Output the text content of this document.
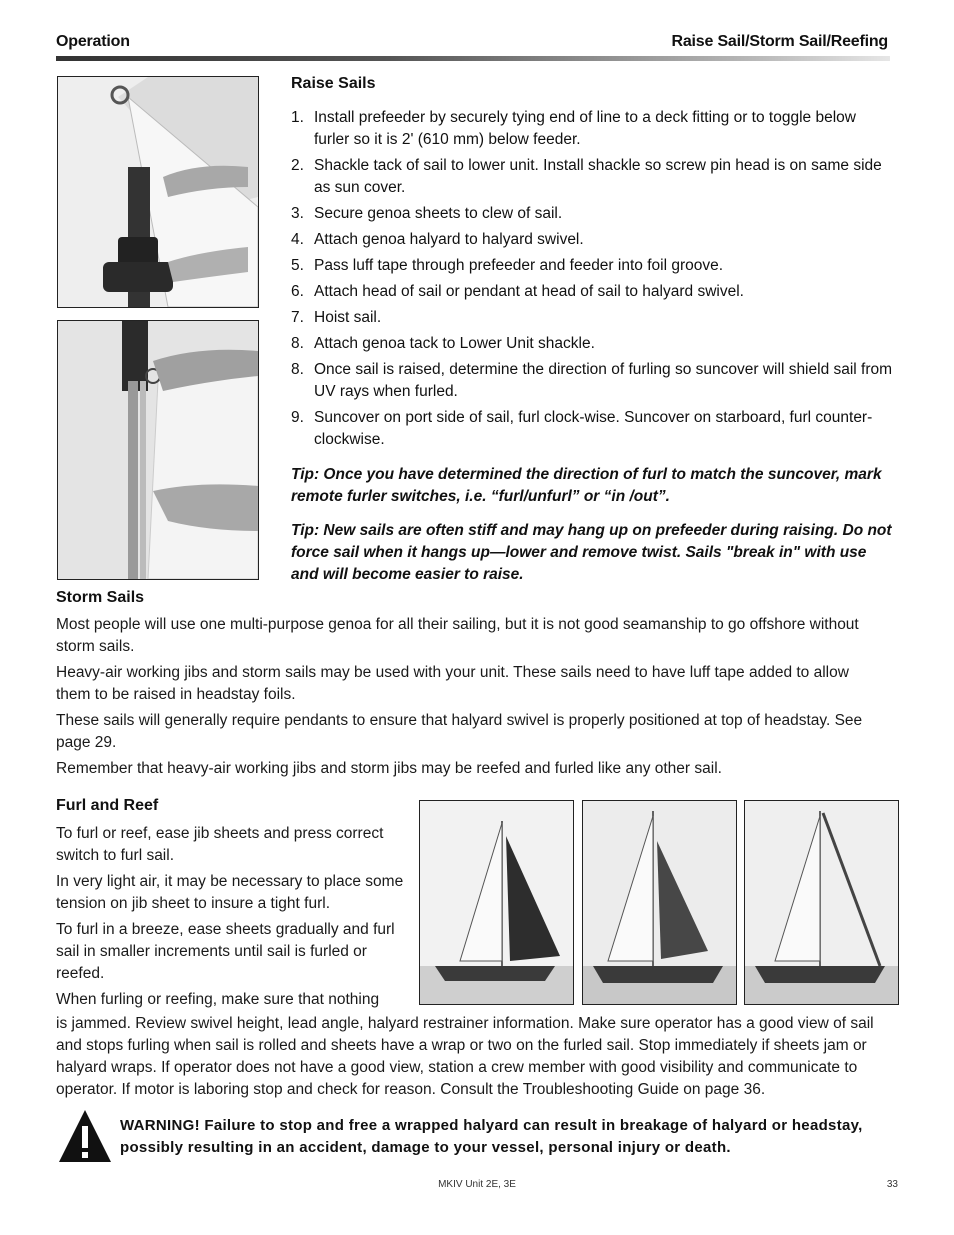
Operation	Raise Sail/Storm Sail/Reefing
Raise Sails
1. Install prefeeder by securely tying end of line to a deck fitting or to toggle below furler so it is 2' (610 mm) below feeder.
2. Shackle tack of sail to lower unit. Install shackle so screw pin head is on same side as sun cover.
3. Secure genoa sheets to clew of sail.
4. Attach genoa halyard to halyard swivel.
5. Pass luff tape through prefeeder and feeder into foil groove.
6. Attach head of sail or pendant at head of sail to halyard swivel.
7. Hoist sail.
8. Attach genoa tack to Lower Unit shackle.
8. Once sail is raised, determine the direction of furling so suncover will shield sail from UV rays when furled.
9. Suncover on port side of sail, furl clock-wise. Suncover on starboard, furl counter-clockwise.

Tip: Once you have determined the direction of furl to match the suncover, mark remote furler switches, i.e. “furl/unfurl” or “in /out”.

Tip: New sails are often stiff and may hang up on prefeeder during raising. Do not force sail when it hangs up—lower and remove twist. Sails "break in" with use and will become easier to raise.

Storm Sails

Most people will use one multi-purpose genoa for all their sailing, but it is not good seamanship to go offshore without storm sails.

Heavy-air working jibs and storm sails may be used with your unit. These sails need to have luff tape added to allow them to be raised in headstay foils.

These sails will generally require pendants to ensure that halyard swivel is properly positioned at top of headstay. See page 29.

Remember that heavy-air working jibs and storm jibs may be reefed and furled like any other sail.

Furl and Reef

To furl or reef, ease jib sheets and press correct switch to furl sail.

In very light air, it may be necessary to place some tension on jib sheet to insure a tight furl.

To furl in a breeze, ease sheets gradually and furl sail in smaller increments until sail is furled or reefed.

When furling or reefing, make sure that nothing

is jammed. Review swivel height, lead angle, halyard restrainer information. Make sure operator has a good view of sail and stops furling when sail is rolled and sheets have a wrap or two on the furled sail. Stop immediately if sheets jam or halyard wraps. If operator does not have a good view, station a crew member with good visibility and communicate to operator. If motor is laboring stop and check for reason. Consult the Troubleshooting Guide on page 36.

WARNING! Failure to stop and free a wrapped halyard can result in breakage of halyard or headstay, possibly resulting in an accident, damage to your vessel, personal injury or death.
MKIV Unit 2E, 3E	33
